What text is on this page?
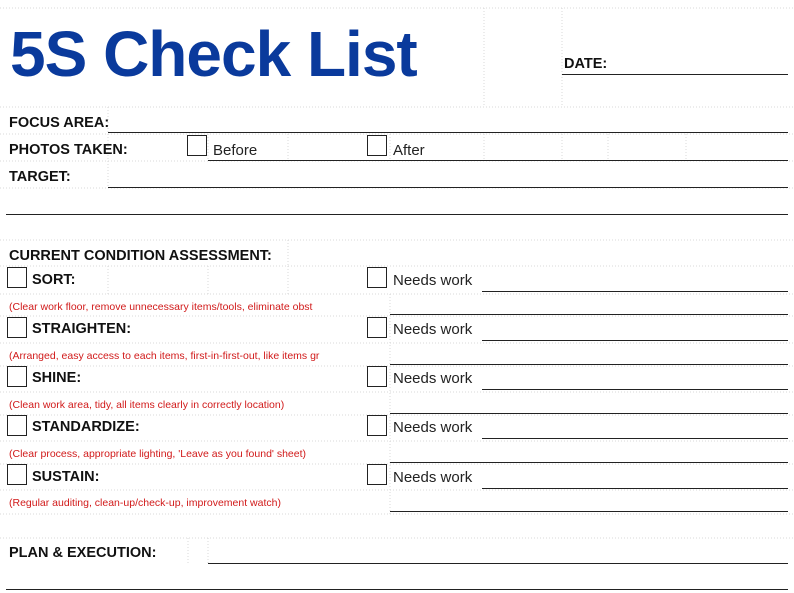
5S Check List	DATE:
FOCUS AREA:
PHOTOS TAKEN:	Before	After
TARGET:
CURRENT CONDITION ASSESSMENT:
SORT:	Needs work
(Clear work floor, remove unnecessary items/tools, eliminate obst
STRAIGHTEN:	Needs work
(Arranged, easy access to each items, first-in-first-out, like items gr
SHINE:	Needs work
(Clean work area, tidy, all items clearly in correctly location)
STANDARDIZE:	Needs work
(Clear process, appropriate lighting, 'Leave as you found' sheet)
SUSTAIN:	Needs work
(Regular auditing, clean-up/check-up, improvement watch)
PLAN & EXECUTION:
